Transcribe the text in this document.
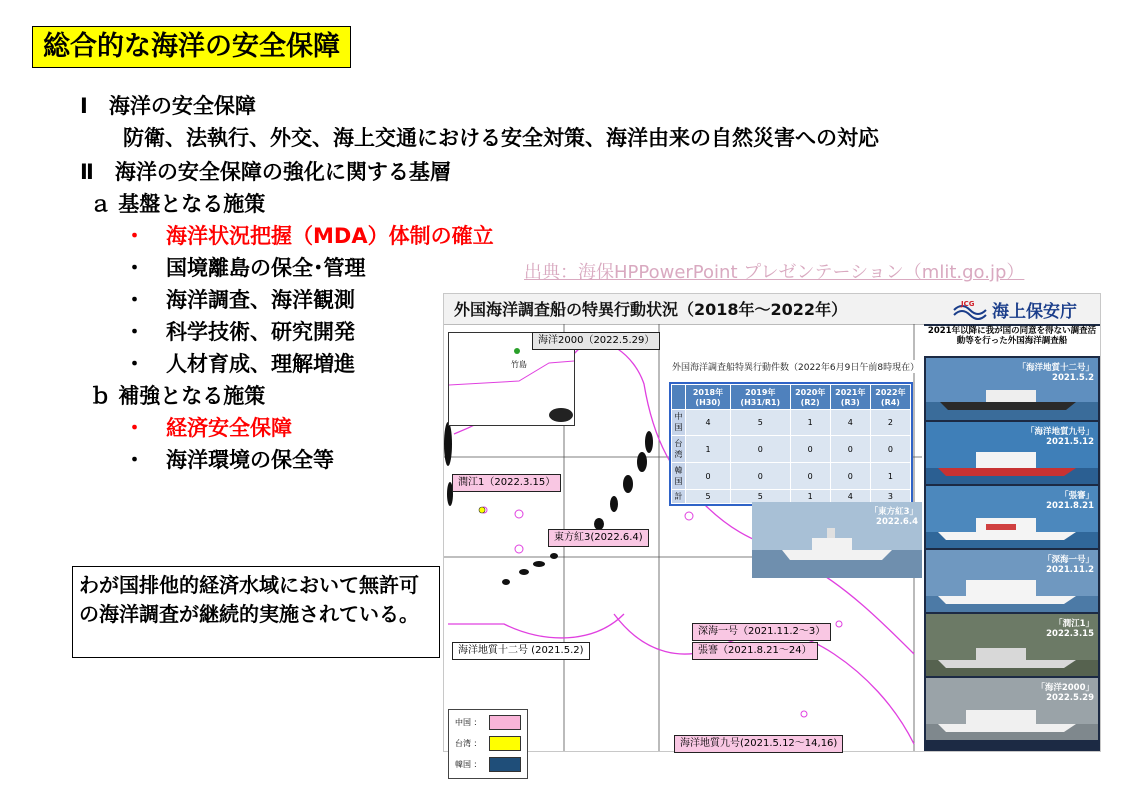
総合的な海洋の安全保障
Ⅰ　海洋の安全保障
防衛、法執行、外交、海上交通における安全対策、海洋由来の自然災害への対応
Ⅱ　海洋の安全保障の強化に関する基層
ａ 基盤となる施策
・　海洋状況把握（MDA）体制の確立
・　国境離島の保全･管理
・　海洋調査、海洋観測
・　科学技術、研究開発
・　人材育成、理解増進
ｂ 補強となる施策
・　経済安全保障
・　海洋環境の保全等
出典：海保HPPowerPoint プレゼンテーション（mlit.go.jp）
わが国排他的経済水域において無許可の海洋調査が継続的実施されている。
外国海洋調査船の特異行動状況（2018年～2022年）	JCG 海上保安庁
竹島
海洋2000（2022.5.29）
潤江1（2022.3.15）
東方紅3(2022.6.4)
深海一号（2021.11.2～3）
張謇（2021.8.21～24）
海洋地質十二号 (2021.5.2)
海洋地質九号(2021.5.12～14,16)
外国海洋調査船特異行動件数（2022年6月9日午前8時現在）
	2018年(H30)	2019年(H31/R1)	2020年(R2)	2021年(R3)	2022年(R4)
中国	4	5	1	4	2
台湾	1	0	0	0	0
韓国	0	0	0	0	1
計	5	5	1	4	3
「東方紅3」
2022.6.4
中国 ：
台湾 ：
韓国 ：
2021年以降に我が国の同意を得ない調査活動等を行った外国海洋調査船
「海洋地質十二号」
2021.5.2
「海洋地質九号」
2021.5.12
「張謇」
2021.8.21
「深海一号」
2021.11.2
「潤江1」
2022.3.15
「海洋2000」
2022.5.29
